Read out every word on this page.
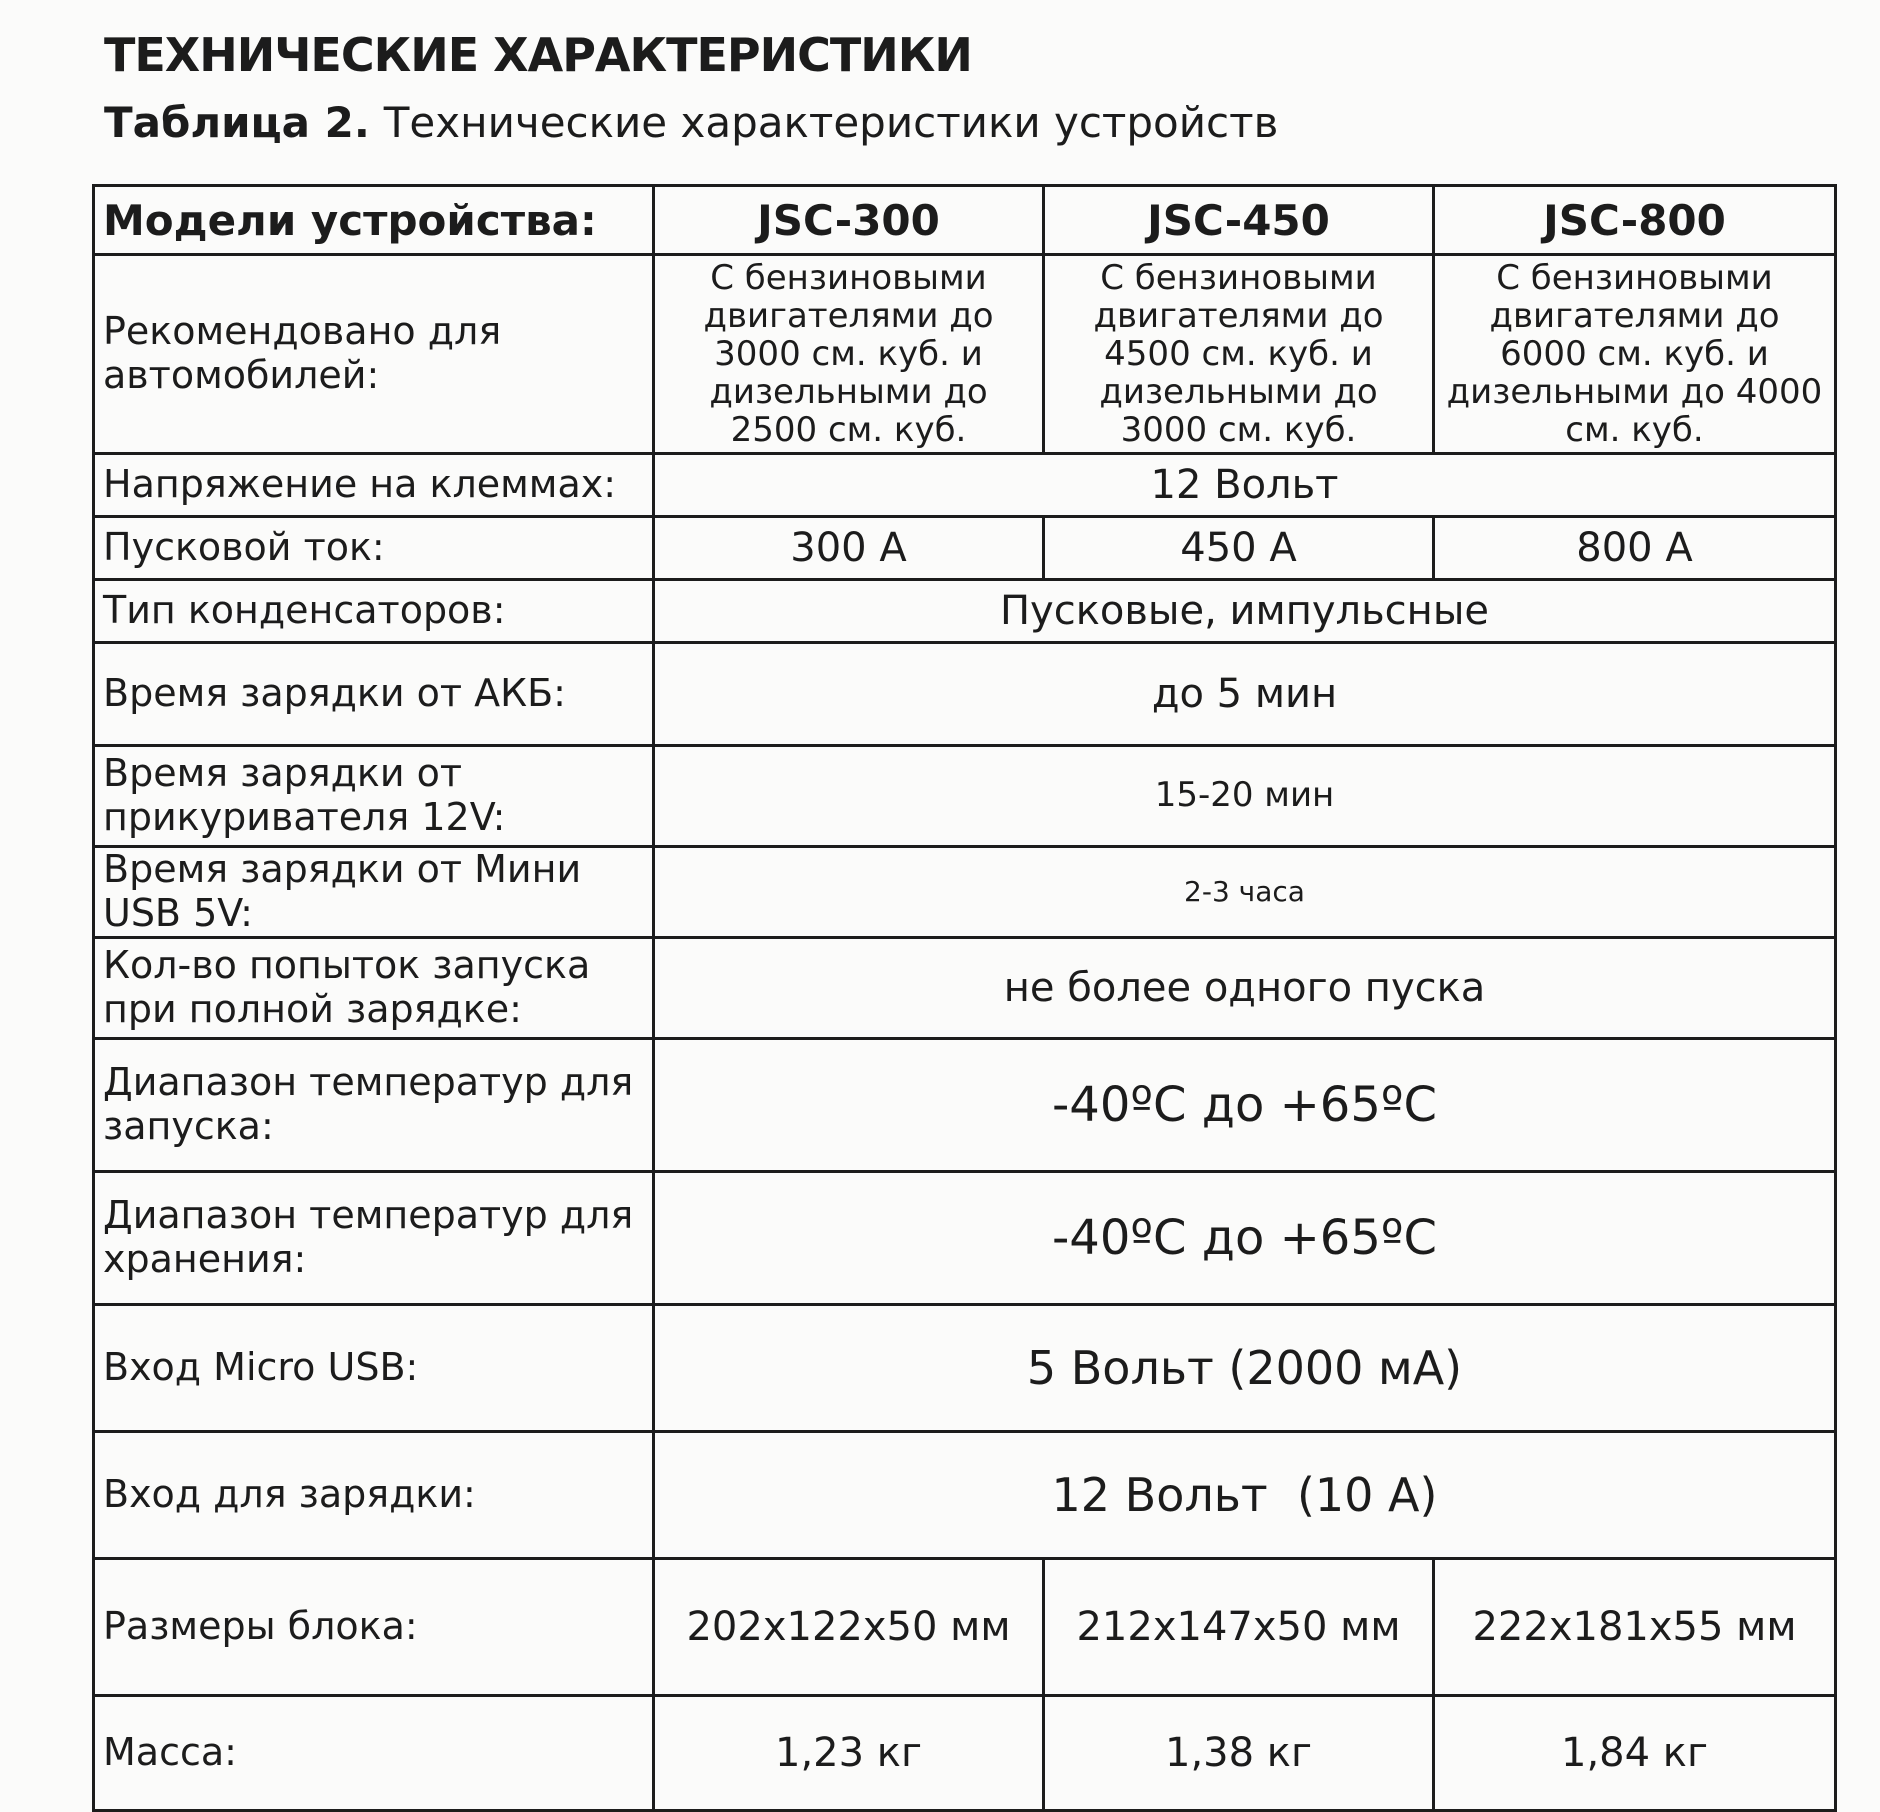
ТЕХНИЧЕСКИЕ ХАРАКТЕРИСТИКИ
Таблица 2. Технические характеристики устройств
Модели устройства:	JSC-300	JSC-450	JSC-800
Рекомендовано для автомобилей:	С бензиновыми двигателями до 3000 см. куб. и дизельными до 2500 см. куб.	С бензиновыми двигателями до 4500 см. куб. и дизельными до 3000 см. куб.	С бензиновыми двигателями до 6000 см. куб. и дизельными до 4000 см. куб.
Напряжение на клеммах:	12 Вольт		
Пусковой ток:	300 А	450 А	800 А
Тип конденсаторов:	Пусковые, импульсные		
Время зарядки от АКБ:	до 5 мин		
Время зарядки от прикуривателя 12V:	15-20 мин		
Время зарядки от Мини USB 5V:	2-3 часа		
Кол-во попыток запуска при полной зарядке:	не более одного пуска		
Диапазон температур для запуска:	-40ºC до +65ºC		
Диапазон температур для хранения:	-40ºC до +65ºC		
Вход Micro USB:	5 Вольт (2000 мА)		
Вход для зарядки:	12 Вольт  (10 А)		
Размеры блока:	202x122x50 мм	212x147x50 мм	222x181x55 мм
Масса:	1,23 кг	1,38 кг	1,84 кг
